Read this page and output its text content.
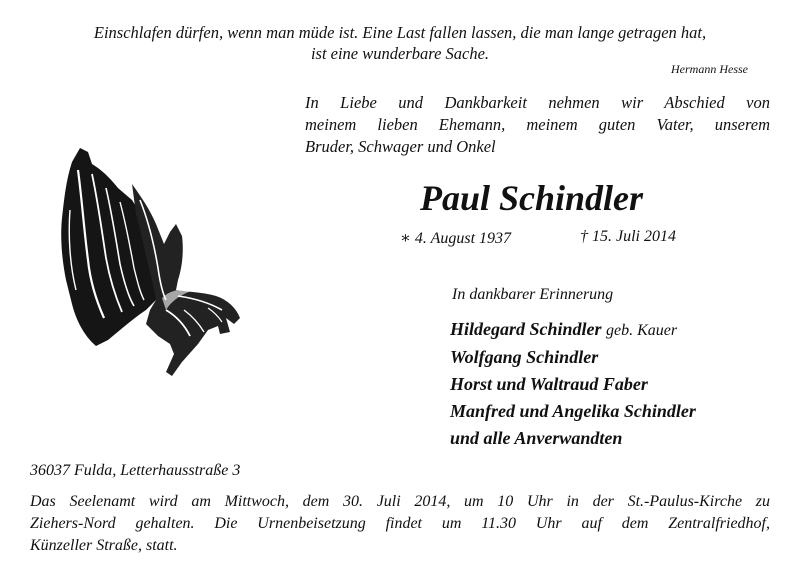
Einschlafen dürfen, wenn man müde ist. Eine Last fallen lassen, die man lange getragen hat,
ist eine wunderbare Sache.
Hermann Hesse
In Liebe und Dankbarkeit nehmen wir Abschied von
meinem lieben Ehemann, meinem guten Vater, unserem
Bruder, Schwager und Onkel
Paul Schindler
∗ 4. August 1937	† 15. Juli 2014
In dankbarer Erinnerung
Hildegard Schindler geb. Kauer
Wolfgang Schindler
Horst und Waltraud Faber
Manfred und Angelika Schindler
und alle Anverwandten
36037 Fulda, Letterhausstraße 3
Das Seelenamt wird am Mittwoch, dem 30. Juli 2014, um 10 Uhr in der St.-Paulus-Kirche zu
Ziehers-Nord gehalten. Die Urnenbeisetzung findet um 11.30 Uhr auf dem Zentralfriedhof,
Künzeller Straße, statt.
